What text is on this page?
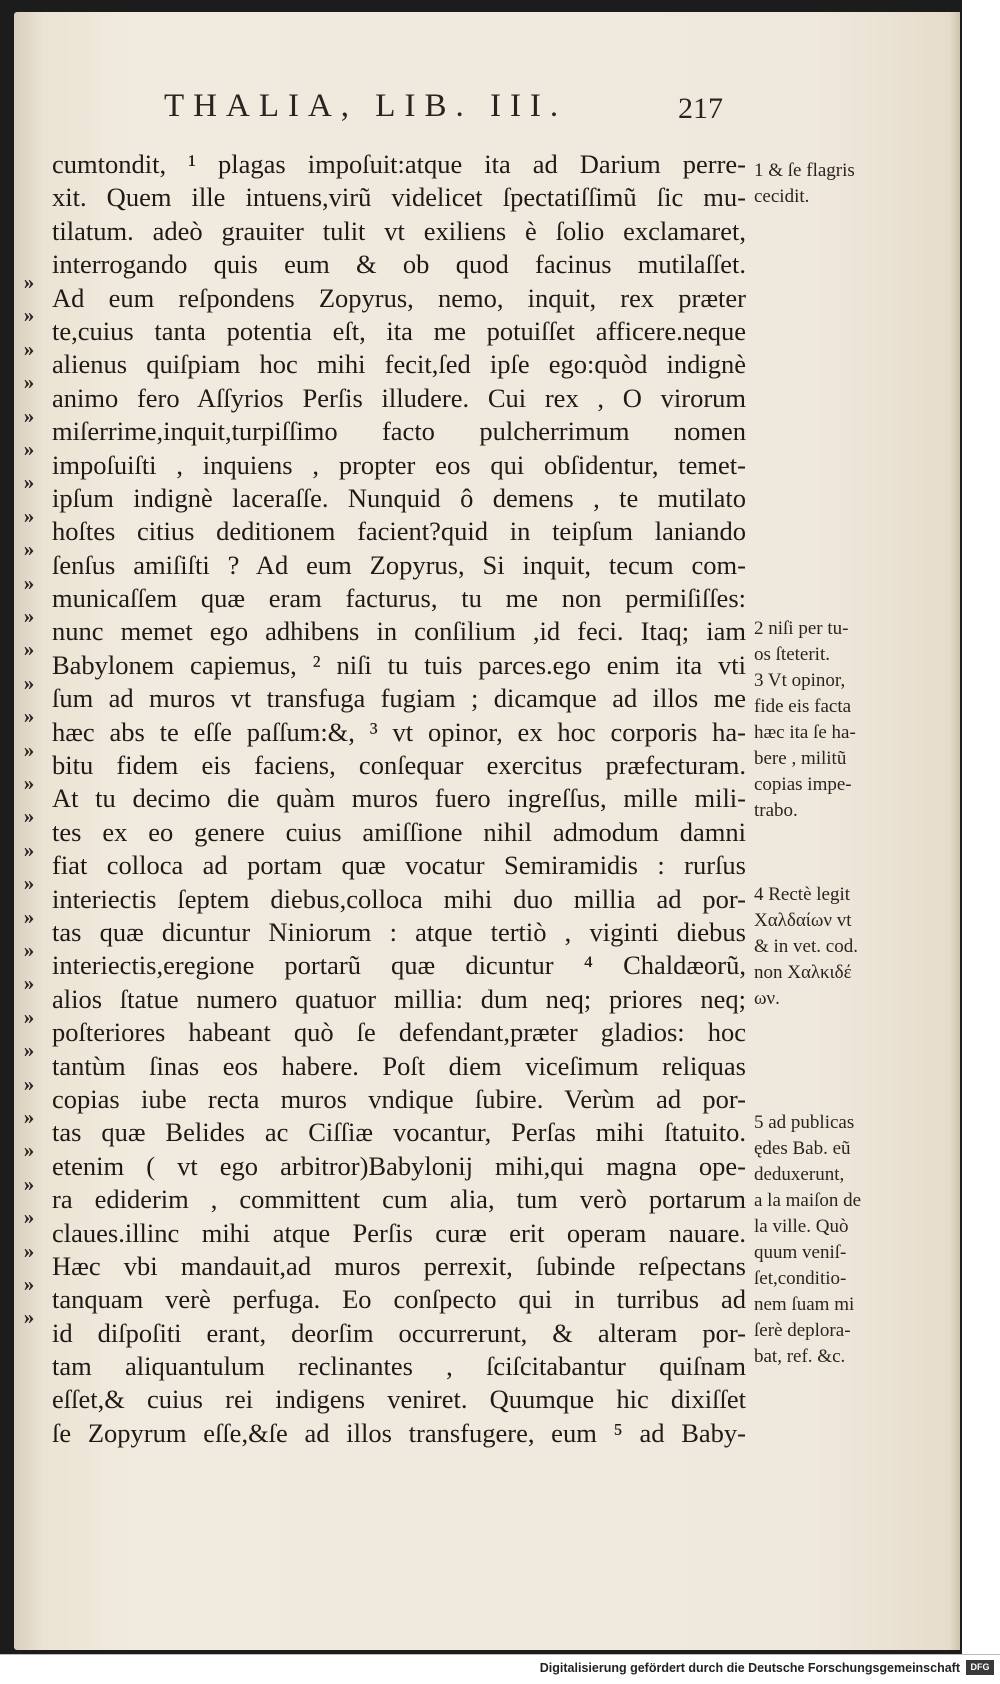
THALIA, LIB. III.	217
»
»
»
»
»
»
»
»
»
»
»
»
»
»
»
»
»
»
»
»
»
»
»
»
»
»
»
»
»
»
»
»
cumtondit, ¹ plagas impoſuit:atque ita ad Darium perre-
xit. Quem ille intuens,virũ videlicet ſpectatiſſimũ ſic mu-
tilatum. adeò grauiter tulit vt exiliens è ſolio exclamaret,
interrogando quis eum & ob quod facinus mutilaſſet.
Ad eum reſpondens Zopyrus, nemo, inquit, rex præter
te,cuius tanta potentia eſt, ita me potuiſſet afficere.neque
alienus quiſpiam hoc mihi fecit,ſed ipſe ego:quòd indignè
animo fero Aſſyrios Perſis illudere. Cui rex , O virorum
miſerrime,inquit,turpiſſimo facto pulcherrimum nomen
impoſuiſti , inquiens , propter eos qui obſidentur, temet-
ipſum indignè laceraſſe. Nunquid ô demens , te mutilato
hoſtes citius deditionem facient?quid in teipſum laniando
ſenſus amiſiſti ? Ad eum Zopyrus, Si inquit, tecum com-
municaſſem quæ eram facturus, tu me non permiſiſſes:
nunc memet ego adhibens in conſilium ,id feci. Itaq; iam
Babylonem capiemus, ² niſi tu tuis parces.ego enim ita vti
ſum ad muros vt transfuga fugiam ; dicamque ad illos me
hæc abs te eſſe paſſum:&, ³ vt opinor, ex hoc corporis ha-
bitu fidem eis faciens, conſequar exercitus præfecturam.
At tu decimo die quàm muros fuero ingreſſus, mille mili-
tes ex eo genere cuius amiſſione nihil admodum damni
fiat colloca ad portam quæ vocatur Semiramidis : rurſus
interiectis ſeptem diebus,colloca mihi duo millia ad por-
tas quæ dicuntur Niniorum : atque tertiò , viginti diebus
interiectis,eregione portarũ quæ dicuntur ⁴ Chaldæorũ,
alios ſtatue numero quatuor millia: dum neq; priores neq;
poſteriores habeant quò ſe defendant,præter gladios: hoc
tantùm ſinas eos habere. Poſt diem viceſimum reliquas
copias iube recta muros vndique ſubire. Verùm ad por-
tas quæ Belides ac Ciſſiæ vocantur, Perſas mihi ſtatuito.
etenim ( vt ego arbitror)Babylonij mihi,qui magna ope-
ra ediderim , committent cum alia, tum verò portarum
claues.illinc mihi atque Perſis curæ erit operam nauare.
Hæc vbi mandauit,ad muros perrexit, ſubinde reſpectans
tanquam verè perfuga. Eo conſpecto qui in turribus ad
id diſpoſiti erant, deorſim occurrerunt, & alteram por-
tam aliquantulum reclinantes , ſciſcitabantur quiſnam
eſſet,& cuius rei indigens veniret. Quumque hic dixiſſet
ſe Zopyrum eſſe,&ſe ad illos transfugere, eum ⁵ ad Baby-
1 & ſe flagris
cecidit.
2 niſi per tu-
os ſteterit.
3 Vt opinor,
fide eis facta
hæc ita ſe ha-
bere , militũ
copias impe-
trabo.
4 Rectè legit
Χαλδαίων vt
& in vet. cod.
non Χαλκιδέ
ων.
5 ad publicas
ędes Bab. eũ
deduxerunt,
a la maiſon de
la ville. Quò
quum veniſ-
ſet,conditio-
nem ſuam mi
ſerè deplora-
bat, ref. &c.
Digitalisierung gefördert durch die Deutsche Forschungsgemeinschaft	DFG
